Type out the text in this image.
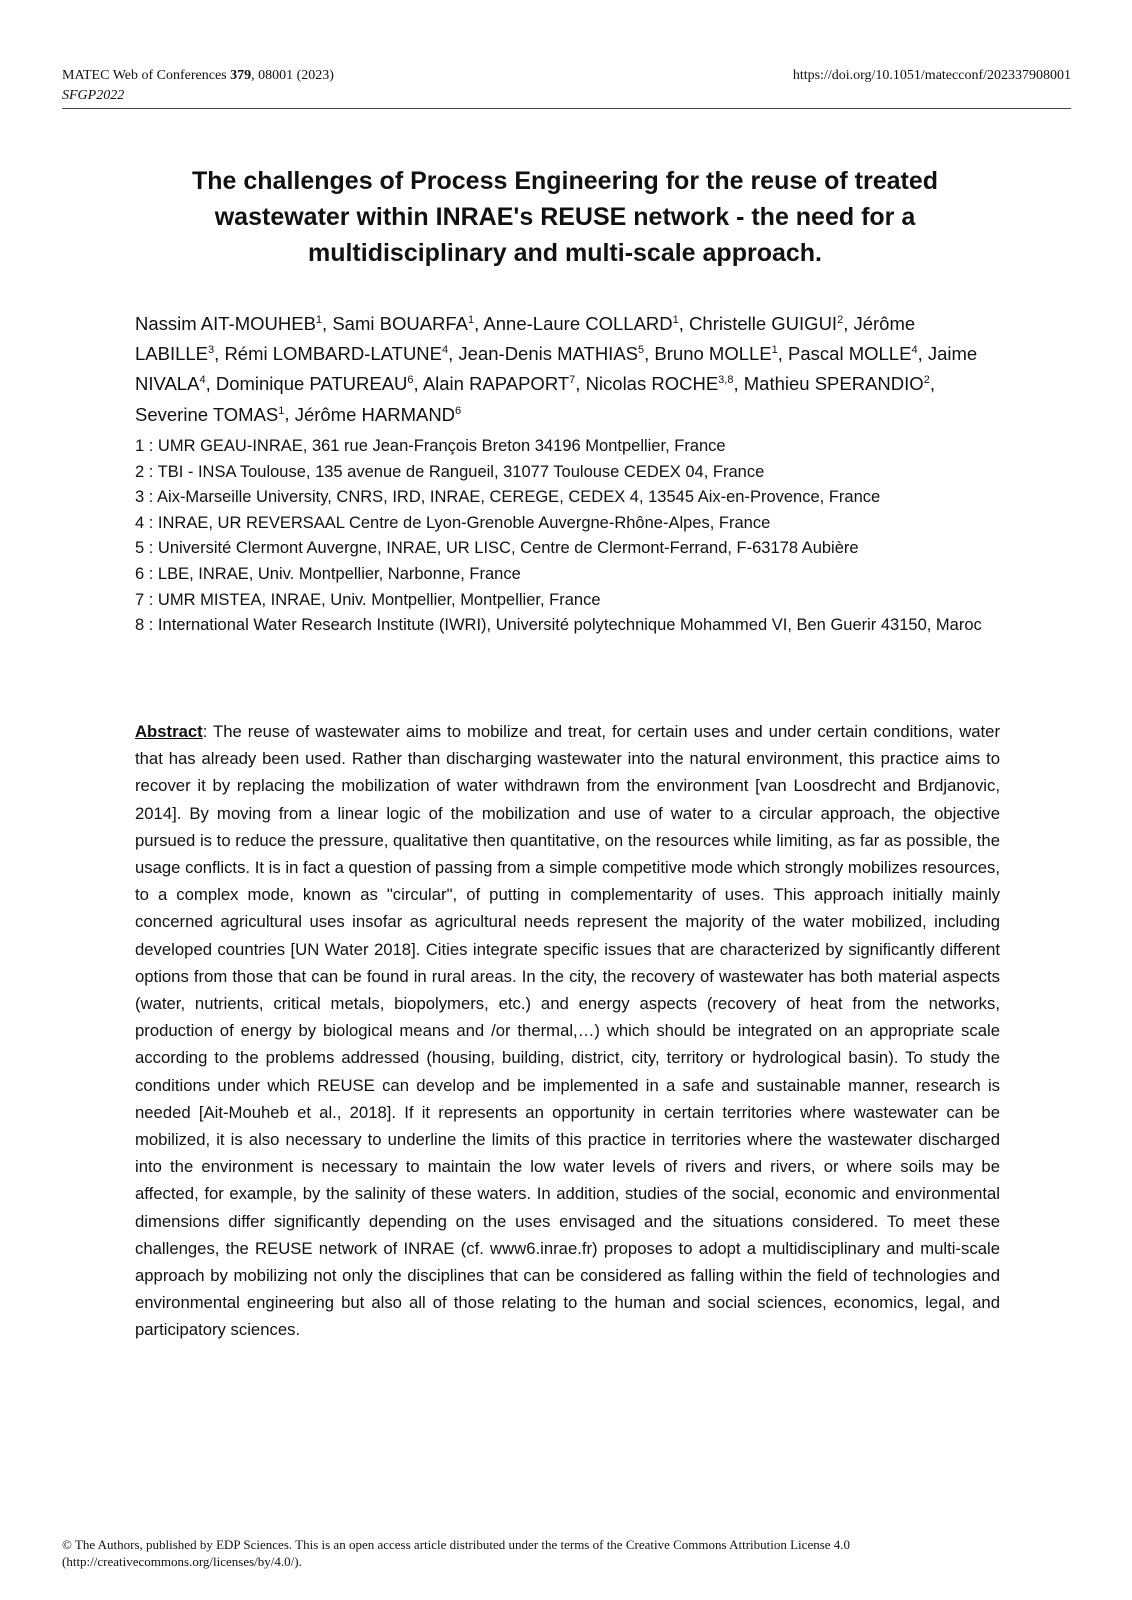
MATEC Web of Conferences 379, 08001 (2023)	https://doi.org/10.1051/matecconf/202337908001
SFGP2022
The challenges of Process Engineering for the reuse of treated wastewater within INRAE's REUSE network - the need for a multidisciplinary and multi-scale approach.
Nassim AIT-MOUHEB$^1$, Sami BOUARFA$^1$, Anne-Laure COLLARD$^1$, Christelle GUIGUI$^2$, Jérôme LABILLE$^3$, Rémi LOMBARD-LATUNE$^4$, Jean-Denis MATHIAS$^5$, Bruno MOLLE$^1$, Pascal MOLLE$^4$, Jaime NIVALA$^4$, Dominique PATUREAU$^6$, Alain RAPAPORT$^7$, Nicolas ROCHE$^{3,8}$, Mathieu SPERANDIO$^2$, Severine TOMAS$^1$, Jérôme HARMAND$^6$
1 : UMR GEAU-INRAE, 361 rue Jean-François Breton 34196 Montpellier, France
2 : TBI - INSA Toulouse, 135 avenue de Rangueil, 31077 Toulouse CEDEX 04, France
3 : Aix-Marseille University, CNRS, IRD, INRAE, CEREGE, CEDEX 4, 13545 Aix-en-Provence, France
4 : INRAE, UR REVERSAAL Centre de Lyon-Grenoble Auvergne-Rhône-Alpes, France
5 : Université Clermont Auvergne, INRAE, UR LISC, Centre de Clermont-Ferrand, F-63178 Aubière
6 : LBE, INRAE, Univ. Montpellier, Narbonne, France
7 : UMR MISTEA, INRAE, Univ. Montpellier, Montpellier, France
8 : International Water Research Institute (IWRI), Université polytechnique Mohammed VI, Ben Guerir 43150, Maroc
Abstract: The reuse of wastewater aims to mobilize and treat, for certain uses and under certain conditions, water that has already been used. Rather than discharging wastewater into the natural environment, this practice aims to recover it by replacing the mobilization of water withdrawn from the environment [van Loosdrecht and Brdjanovic, 2014]. By moving from a linear logic of the mobilization and use of water to a circular approach, the objective pursued is to reduce the pressure, qualitative then quantitative, on the resources while limiting, as far as possible, the usage conflicts. It is in fact a question of passing from a simple competitive mode which strongly mobilizes resources, to a complex mode, known as "circular", of putting in complementarity of uses. This approach initially mainly concerned agricultural uses insofar as agricultural needs represent the majority of the water mobilized, including developed countries [UN Water 2018]. Cities integrate specific issues that are characterized by significantly different options from those that can be found in rural areas. In the city, the recovery of wastewater has both material aspects (water, nutrients, critical metals, biopolymers, etc.) and energy aspects (recovery of heat from the networks, production of energy by biological means and /or thermal,…) which should be integrated on an appropriate scale according to the problems addressed (housing, building, district, city, territory or hydrological basin). To study the conditions under which REUSE can develop and be implemented in a safe and sustainable manner, research is needed [Ait-Mouheb et al., 2018]. If it represents an opportunity in certain territories where wastewater can be mobilized, it is also necessary to underline the limits of this practice in territories where the wastewater discharged into the environment is necessary to maintain the low water levels of rivers and rivers, or where soils may be affected, for example, by the salinity of these waters. In addition, studies of the social, economic and environmental dimensions differ significantly depending on the uses envisaged and the situations considered. To meet these challenges, the REUSE network of INRAE (cf. www6.inrae.fr) proposes to adopt a multidisciplinary and multi-scale approach by mobilizing not only the disciplines that can be considered as falling within the field of technologies and environmental engineering but also all of those relating to the human and social sciences, economics, legal, and participatory sciences.
© The Authors, published by EDP Sciences. This is an open access article distributed under the terms of the Creative Commons Attribution License 4.0
(http://creativecommons.org/licenses/by/4.0/).
